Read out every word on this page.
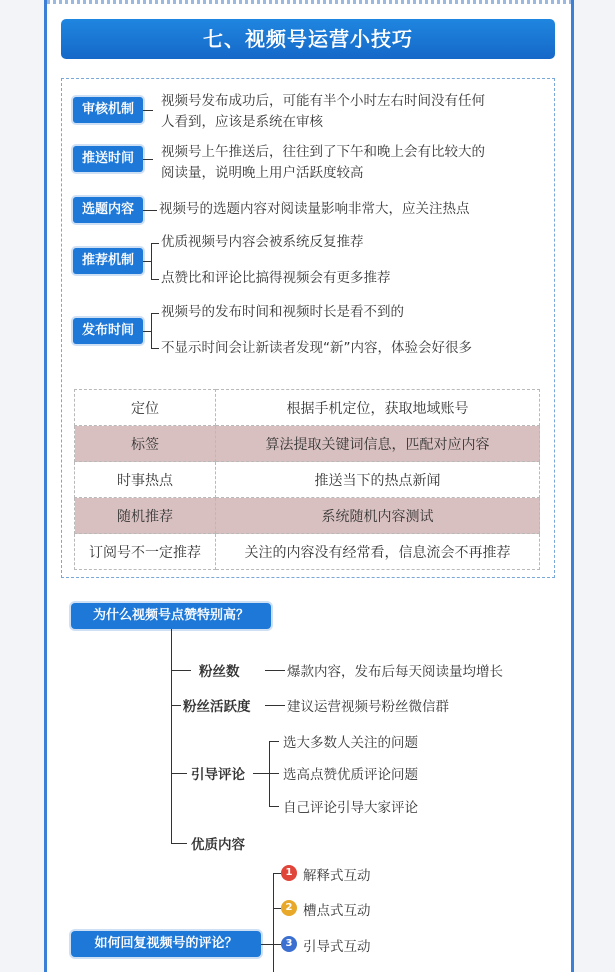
七、视频号运营小技巧
审核机制
视频号发布成功后，可能有半个小时左右时间没有任何
人看到，应该是系统在审核
推送时间	视频号上午推送后，往往到了下午和晚上会有比较大的
阅读量，说明晚上用户活跃度较高
选题内容	视频号的选题内容对阅读量影响非常大，应关注热点
推荐机制
优质视频号内容会被系统反复推荐
点赞比和评论比搞得视频会有更多推荐
发布时间
视频号的发布时间和视频时长是看不到的
不显示时间会让新读者发现“新”内容，体验会好很多
为什么视频号点赞特别高？
粉丝数	爆款内容，发布后每天阅读量均增长
粉丝活跃度	建议运营视频号粉丝微信群
引导评论
选大多数人关注的问题
选高点赞优质评论问题
自己评论引导大家评论
优质内容
如何回复视频号的评论？
1 解释式互动
2 槽点式互动
3 引导式互动
定位	根据手机定位，获取地域账号
标签	算法提取关键词信息，匹配对应内容
时事热点	推送当下的热点新闻
随机推荐	系统随机内容测试
订阅号不一定推荐	关注的内容没有经常看，信息流会不再推荐
